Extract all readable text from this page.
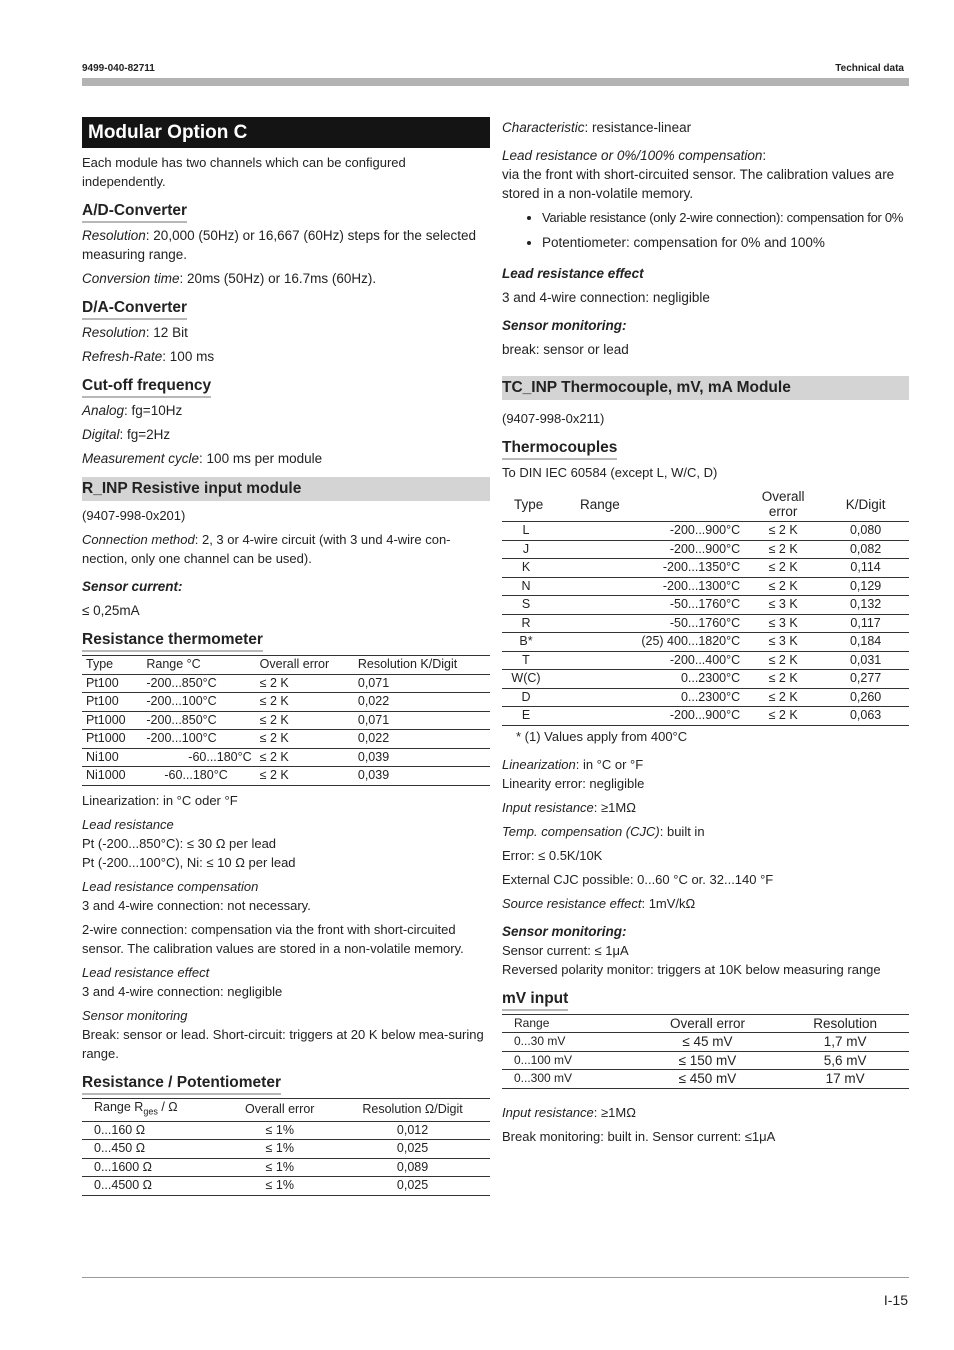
9499-040-82711	Technical data
Modular Option C

Each module has two channels which can be configured independently.

A/D-Converter

Resolution: 20,000 (50Hz) or 16,667 (60Hz) steps for the selected measuring range.

Conversion time: 20ms (50Hz) or 16.7ms (60Hz).

D/A-Converter

Resolution: 12 Bit

Refresh-Rate: 100 ms

Cut-off frequency

Analog: fg=10Hz

Digital: fg=2Hz

Measurement cycle: 100 ms per module

R_INP Resistive input module

(9407-998-0x201)

Connection method: 2, 3 or 4-wire circuit (with 3 und 4-wire con-nection, only one channel can be used).

Sensor current:

≤ 0,25mA

Resistance thermometer
Type	Range °C	Overall error	Resolution K/Digit
Pt100	-200...850°C	≤ 2 K	0,071
Pt100	-200...100°C	≤ 2 K	0,022
Pt1000	-200...850°C	≤ 2 K	0,071
Pt1000	-200...100°C	≤ 2 K	0,022
Ni100	-60...180°C	≤ 2 K	0,039
Ni1000	-60...180°C	≤ 2 K	0,039

Linearization: in °C oder °F

Lead resistance

Pt (-200...850°C): ≤ 30 Ω per lead

Pt (-200...100°C), Ni: ≤ 10 Ω per lead

Lead resistance compensation

3 and 4-wire connection: not necessary.

2-wire connection: compensation via the front with short-circuited sensor. The calibration values are stored in a non-volatile memory.

Lead resistance effect

3 and 4-wire connection: negligible

Sensor monitoring

Break: sensor or lead. Short-circuit: triggers at 20 K below mea-suring range.

Resistance / Potentiometer
Range $R_{ges}$ / Ω	Overall error	Resolution Ω/Digit
0...160 Ω	≤ 1%	0,012
0...450 Ω	≤ 1%	0,025
0...1600 Ω	≤ 1%	0,089
0...4500 Ω	≤ 1%	0,025

Characteristic: resistance-linear

Lead resistance or 0%/100% compensation:

via the front with short-circuited sensor. The calibration values are stored in a non-volatile memory.

• Variable resistance (only 2-wire connection): compensation for 0%
• Potentiometer: compensation for 0% and 100%

Lead resistance effect

3 and 4-wire connection: negligible

Sensor monitoring:

break: sensor or lead

TC_INP Thermocouple, mV, mA Module

(9407-998-0x211)

Thermocouples

To DIN IEC 60584 (except L, W/C, D)

Type	Range	Overall error	K/Digit
L	-200...900°C	≤ 2 K	0,080
J	-200...900°C	≤ 2 K	0,082
K	-200...1350°C	≤ 2 K	0,114
N	-200...1300°C	≤ 2 K	0,129
S	-50...1760°C	≤ 3 K	0,132
R	-50...1760°C	≤ 3 K	0,117
B*	(25) 400...1820°C	≤ 3 K	0,184
T	-200...400°C	≤ 2 K	0,031
W(C)	0...2300°C	≤ 2 K	0,277
D	0...2300°C	≤ 2 K	0,260
E	-200...900°C	≤ 2 K	0,063

* (1) Values apply from 400°C

Linearization: in °C or °F

Linearity error: negligible

Input resistance: ≥1MΩ

Temp. compensation (CJC): built in

Error: ≤ 0.5K/10K

External CJC possible: 0...60 °C or. 32...140 °F

Source resistance effect: 1mV/kΩ

Sensor monitoring:

Sensor current: ≤ 1μA

Reversed polarity monitor: triggers at 10K below measuring range

mV input
Range	Overall error	Resolution
0...30 mV	≤ 45 mV	1,7 mV
0...100 mV	≤ 150 mV	5,6 mV
0...300 mV	≤ 450 mV	17 mV

Input resistance: ≥1MΩ

Break monitoring: built in. Sensor current: ≤1μA

I-15
